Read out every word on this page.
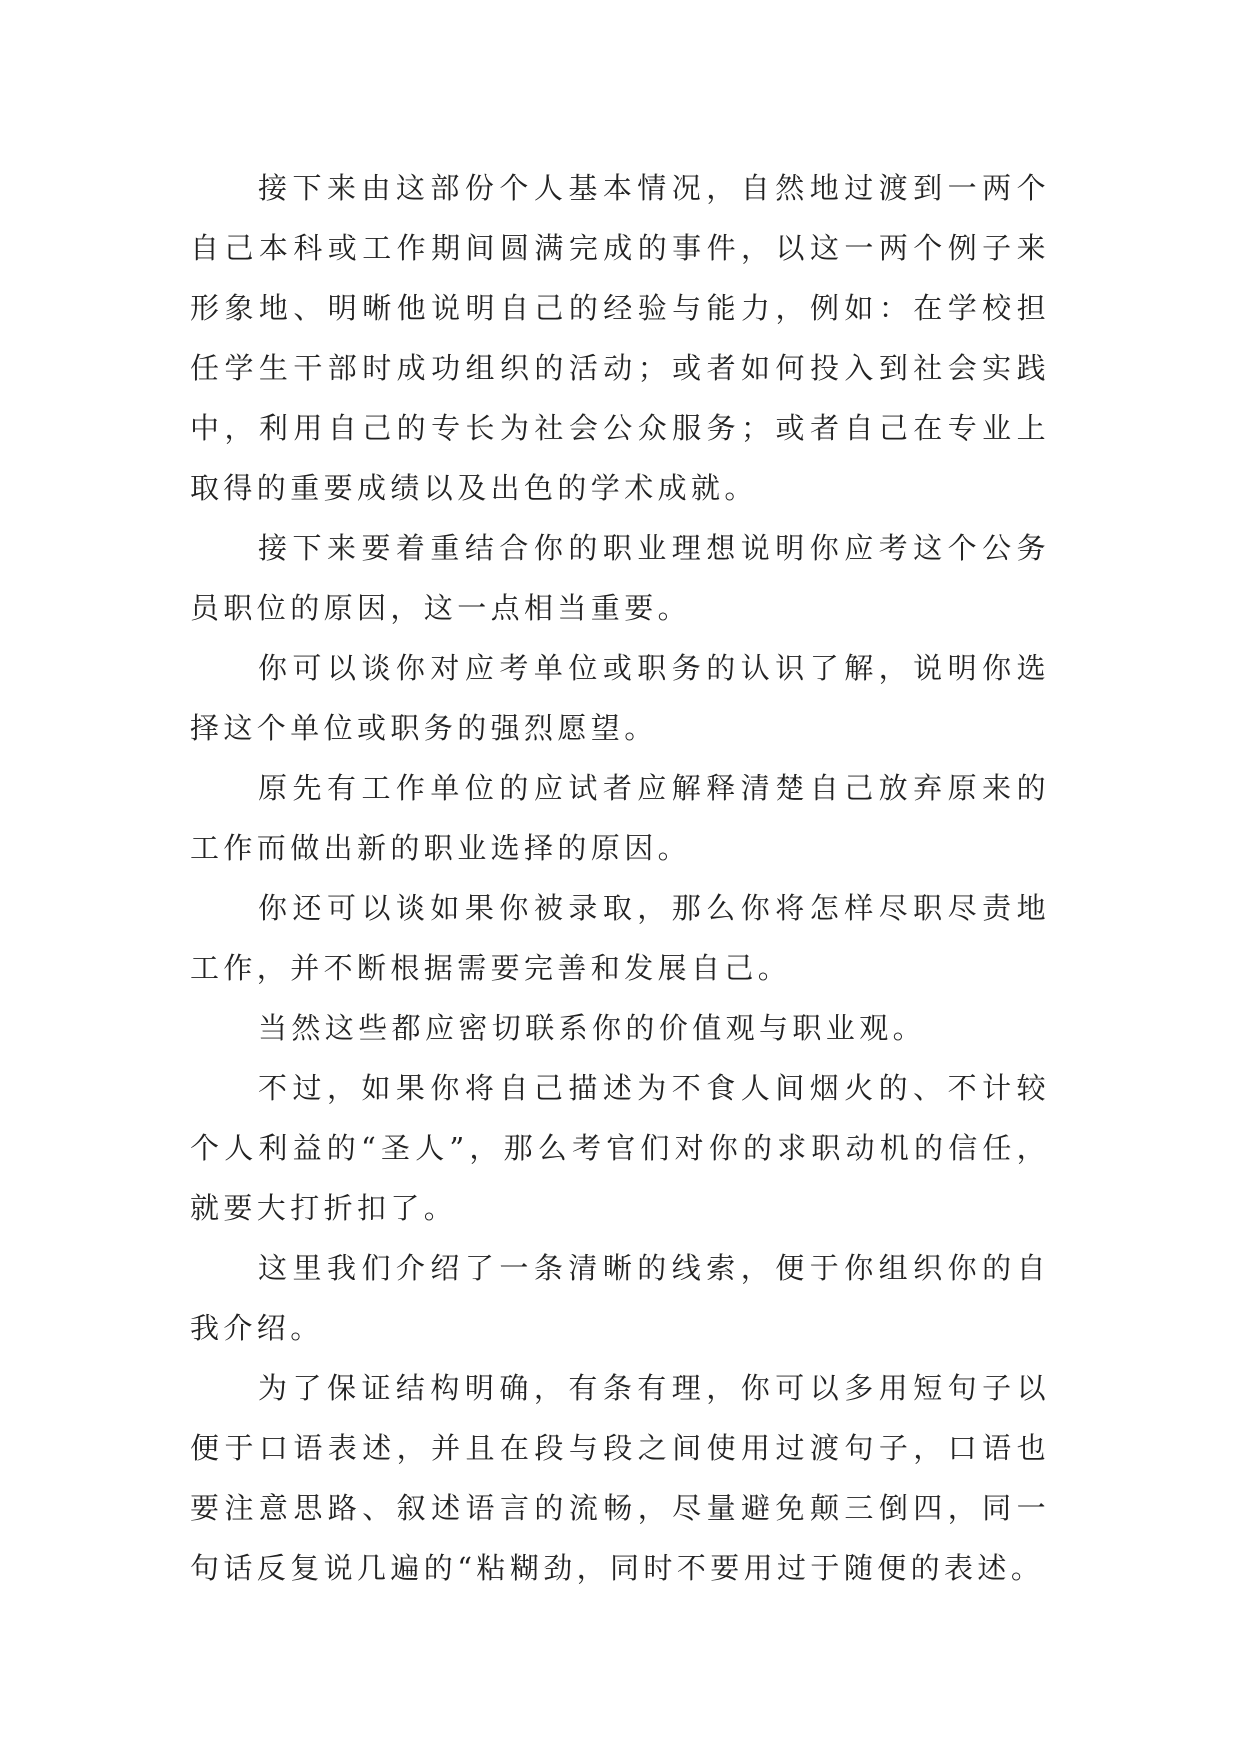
接下来由这部份个人基本情况，自然地过渡到一两个自己本科或工作期间圆满完成的事件，以这一两个例子来形象地、明晰他说明自己的经验与能力，例如：在学校担任学生干部时成功组织的活动；或者如何投入到社会实践中，利用自己的专长为社会公众服务；或者自己在专业上取得的重要成绩以及出色的学术成就。

接下来要着重结合你的职业理想说明你应考这个公务员职位的原因，这一点相当重要。

你可以谈你对应考单位或职务的认识了解，说明你选择这个单位或职务的强烈愿望。

原先有工作单位的应试者应解释清楚自己放弃原来的工作而做出新的职业选择的原因。

你还可以谈如果你被录取，那么你将怎样尽职尽责地工作，并不断根据需要完善和发展自己。

当然这些都应密切联系你的价值观与职业观。

不过，如果你将自己描述为不食人间烟火的、不计较个人利益的“圣人”，那么考官们对你的求职动机的信任，就要大打折扣了。

这里我们介绍了一条清晰的线索，便于你组织你的自我介绍。

为了保证结构明确，有条有理，你可以多用短句子以便于口语表述，并且在段与段之间使用过渡句子，口语也要注意思路、叙述语言的流畅，尽量避免颠三倒四，同一句话反复说几遍的“粘糊劲，同时不要用过于随便的表述。
